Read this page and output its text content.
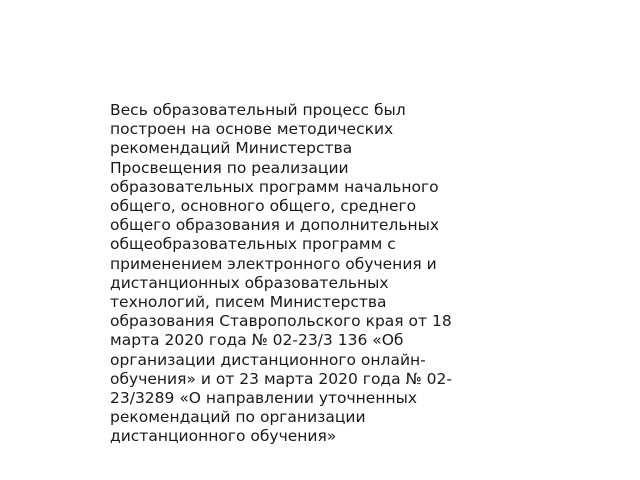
Весь образовательный процесс был
построен на основе методических
рекомендаций Министерства
Просвещения по реализации
образовательных программ начального
общего, основного общего, среднего
общего образования и дополнительных
общеобразовательных программ с
применением электронного обучения и
дистанционных образовательных
технологий, писем Министерства
образования Ставропольского края от 18
марта 2020 года № 02-23/3 136 «Об
организации дистанционного онлайн-
обучения» и от 23 марта 2020 года № 02-
23/3289 «О направлении уточненных
рекомендаций по организации
дистанционного обучения»
